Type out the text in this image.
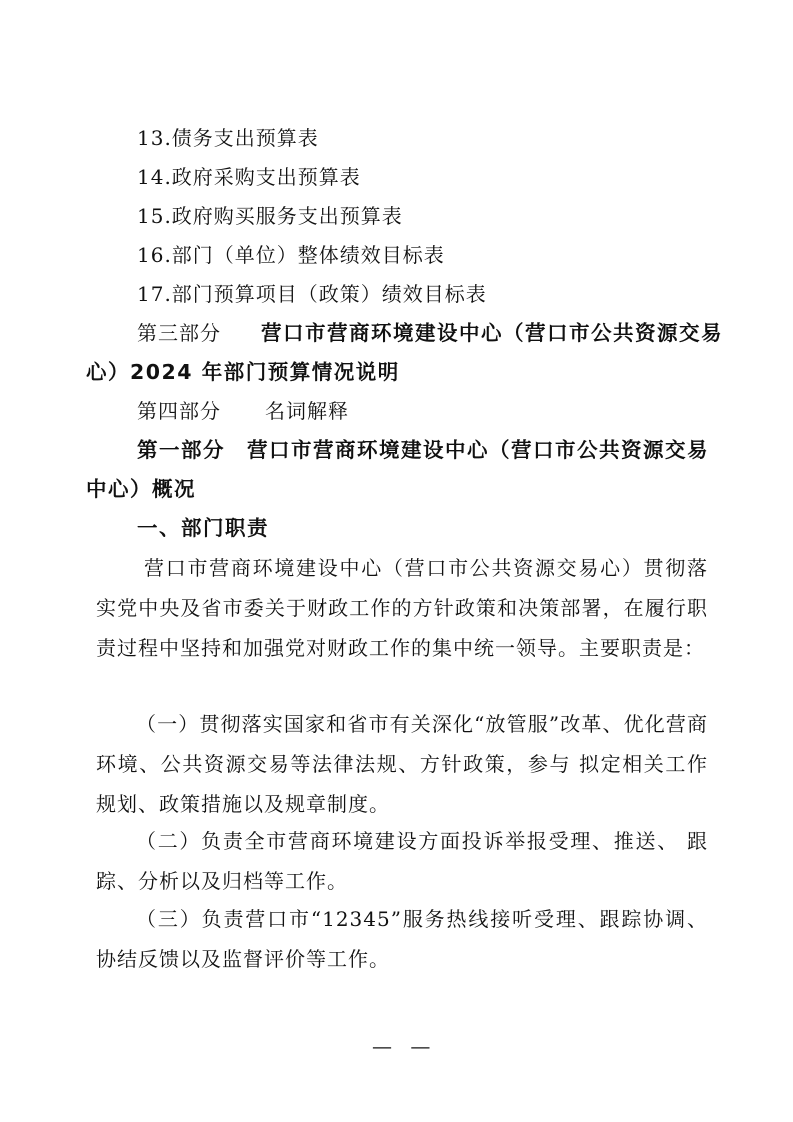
13.债务支出预算表
14.政府采购支出预算表
15.政府购买服务支出预算表
16.部门（单位）整体绩效目标表
17.部门预算项目（政策）绩效目标表
第三部分 营口市营商环境建设中心（营口市公共资源交易
心）2024 年部门预算情况说明
第四部分 名词解释
第一部分　营口市营商环境建设中心（营口市公共资源交易
中心）概况
一、部门职责
营口市营商环境建设中心（营口市公共资源交易心）贯彻落实党中央及省市委关于财政工作的方针政策和决策部署，在履行职责过程中坚持和加强党对财政工作的集中统一领导。主要职责是：
（一）贯彻落实国家和省市有关深化“放管服”改革、优化营商环境、公共资源交易等法律法规、方针政策，参与 拟定相关工作规划、政策措施以及规章制度。
（二）负责全市营商环境建设方面投诉举报受理、推送、 跟踪、分析以及归档等工作。
（三）负责营口市“12345”服务热线接听受理、跟踪协调、协结反馈以及监督评价等工作。
— —
